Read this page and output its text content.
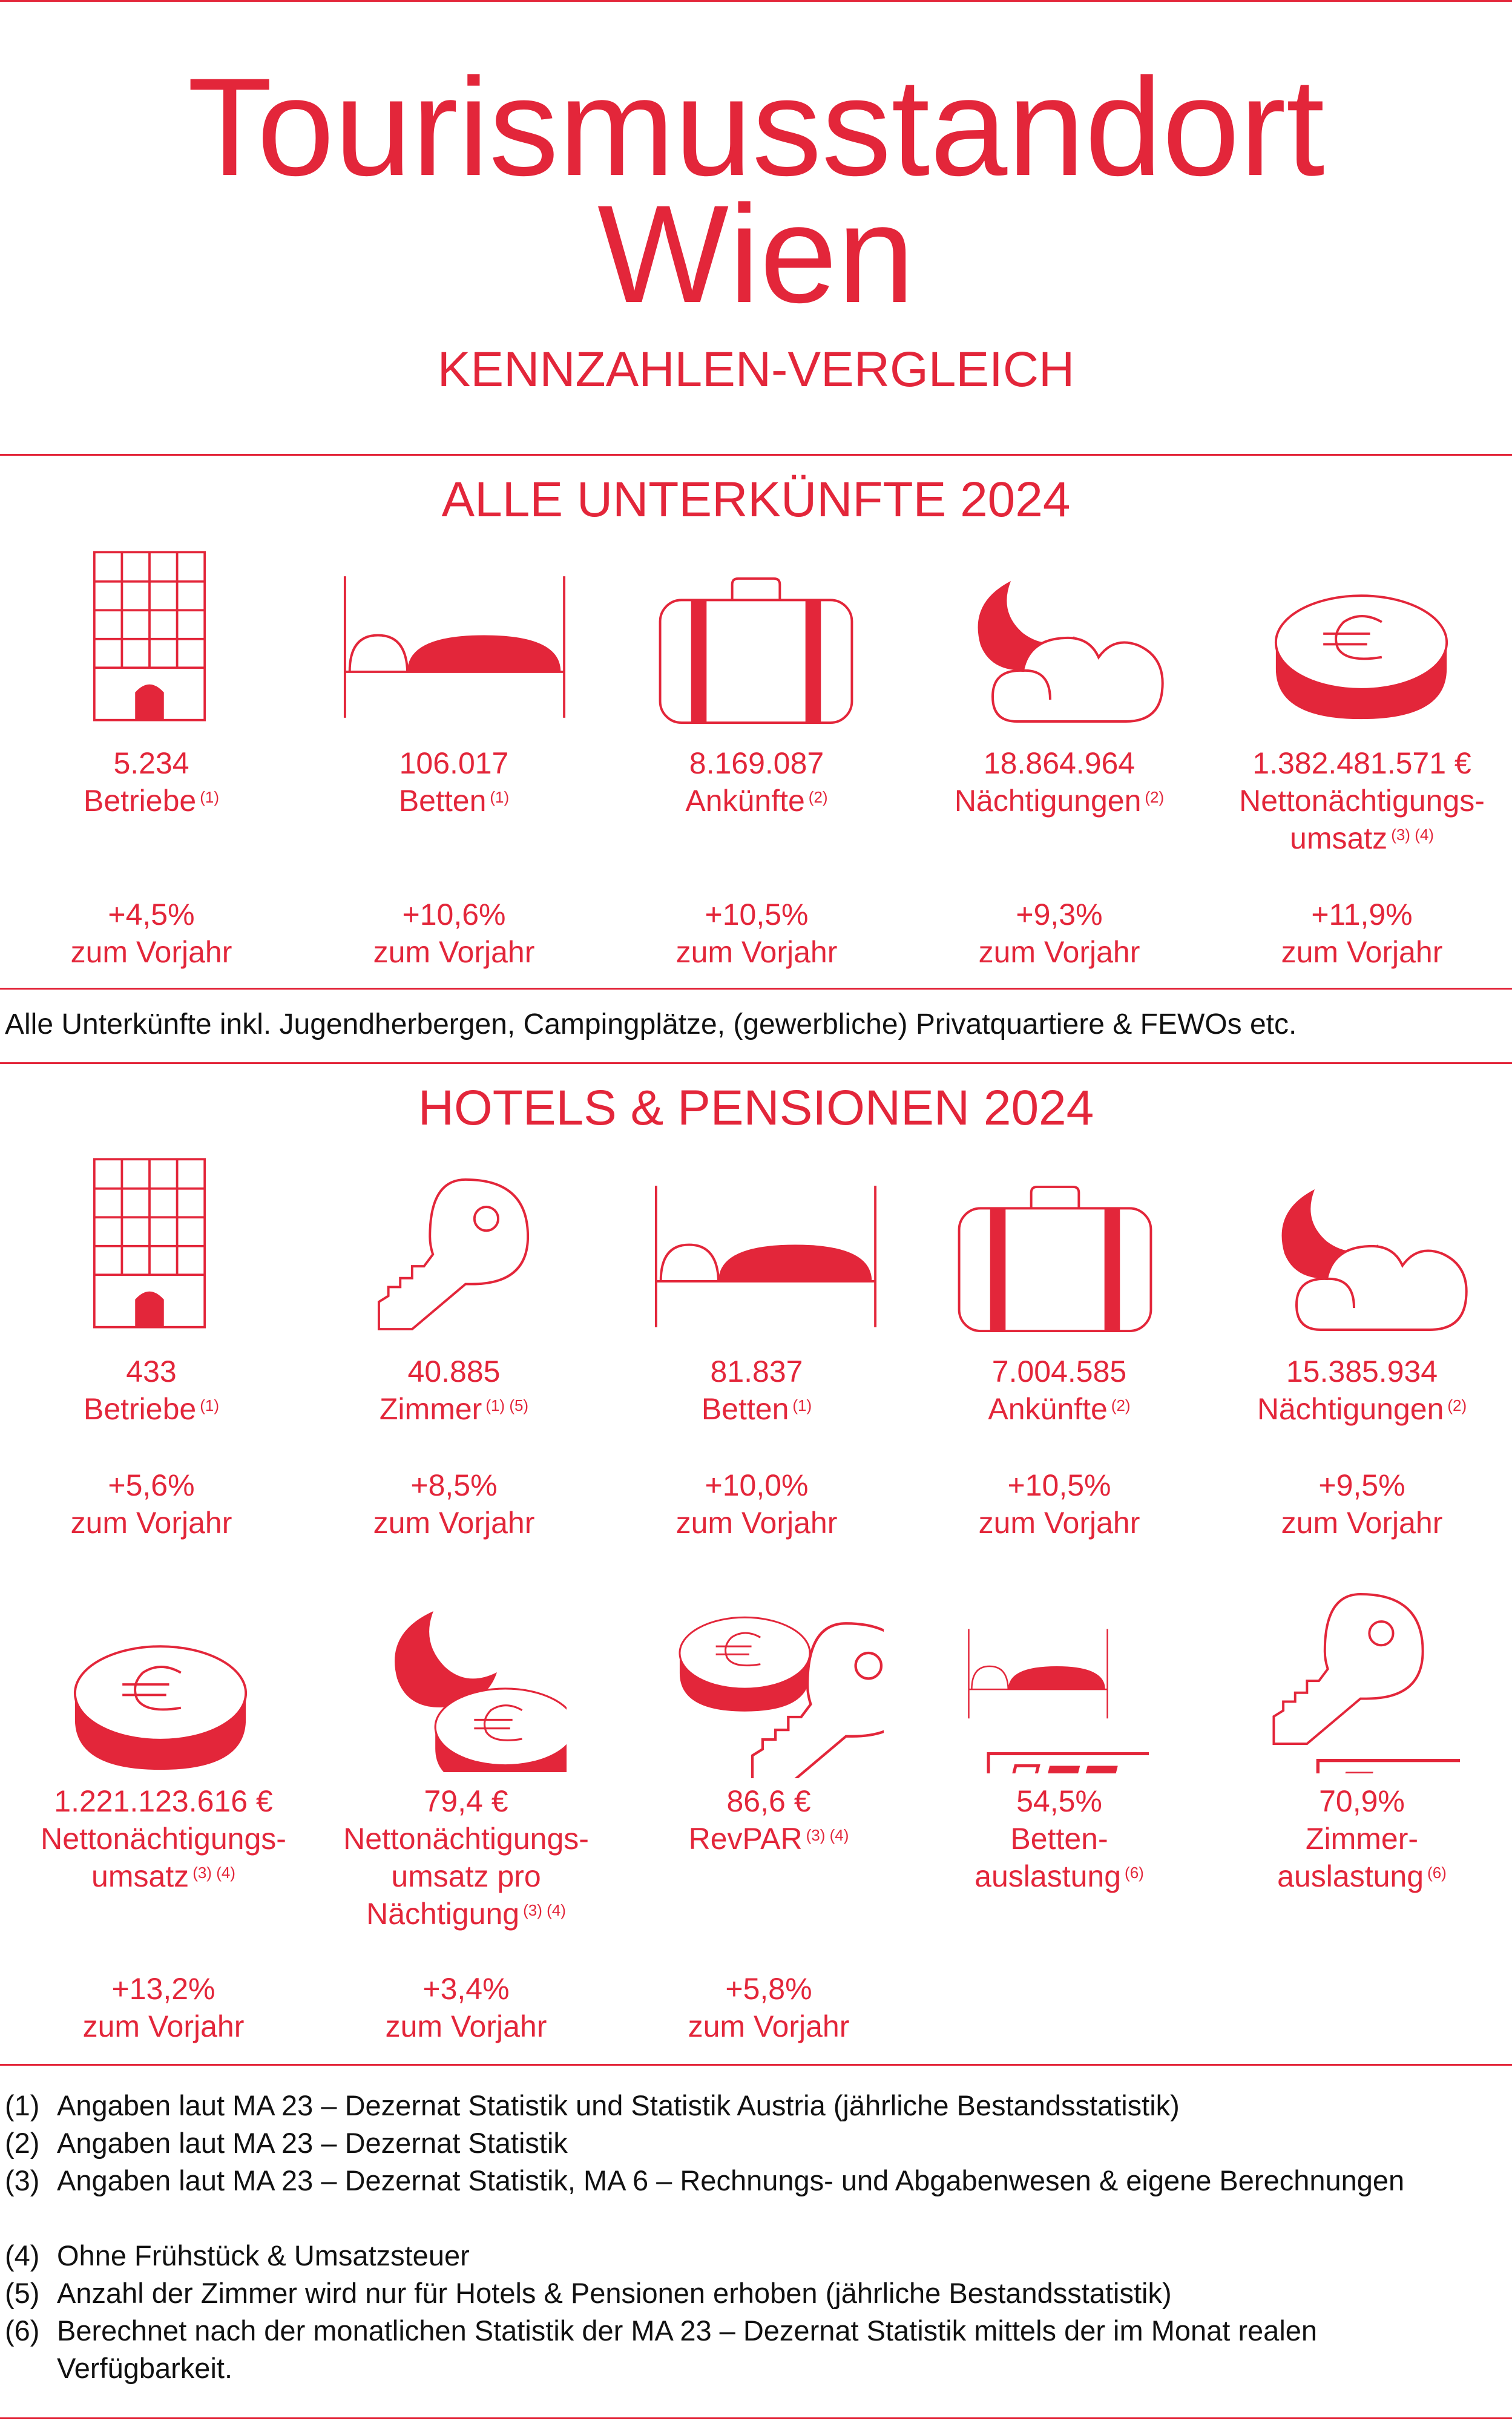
Tourismusstandort
Wien
KENNZAHLEN-VERGLEICH
ALLE UNTERKÜNFTE 2024
5.234
Betriebe $^{(1)}$
+4,5%
zum Vorjahr
106.017
Betten $^{(1)}$
+10,6%
zum Vorjahr
8.169.087
Ankünfte $^{(2)}$
+10,5%
zum Vorjahr
18.864.964
Nächtigungen $^{(2)}$
+9,3%
zum Vorjahr
1.382.481.571 €
Nettonächtigungs-
umsatz $^{(3) (4)}$
+11,9%
zum Vorjahr
Alle Unterkünfte inkl. Jugendherbergen, Campingplätze, (gewerbliche) Privatquartiere & FEWOs etc.
HOTELS & PENSIONEN 2024
433
Betriebe $^{(1)}$
+5,6%
zum Vorjahr
40.885
Zimmer $^{(1) (5)}$
+8,5%
zum Vorjahr
81.837
Betten $^{(1)}$
+10,0%
zum Vorjahr
7.004.585
Ankünfte $^{(2)}$
+10,5%
zum Vorjahr
15.385.934
Nächtigungen $^{(2)}$
+9,5%
zum Vorjahr
1.221.123.616 €
Nettonächtigungs-
umsatz $^{(3) (4)}$
+13,2%
zum Vorjahr
79,4 €
Nettonächtigungs-
umsatz pro
Nächtigung $^{(3) (4)}$
+3,4%
zum Vorjahr
86,6 €
RevPAR $^{(3) (4)}$
+5,8%
zum Vorjahr
54,5%
Betten-
auslastung $^{(6)}$
70,9%
Zimmer-
auslastung $^{(6)}$
(1) Angaben laut MA 23 – Dezernat Statistik und Statistik Austria (jährliche Bestandsstatistik)
(2) Angaben laut MA 23 – Dezernat Statistik
(3) Angaben laut MA 23 – Dezernat Statistik, MA 6 – Rechnungs- und Abgabenwesen & eigene Berechnungen
(4) Ohne Frühstück & Umsatzsteuer
(5) Anzahl der Zimmer wird nur für Hotels & Pensionen erhoben (jährliche Bestandsstatistik)
(6) Berechnet nach der monatlichen Statistik der MA 23 – Dezernat Statistik mittels der im Monat realen Verfügbarkeit.
